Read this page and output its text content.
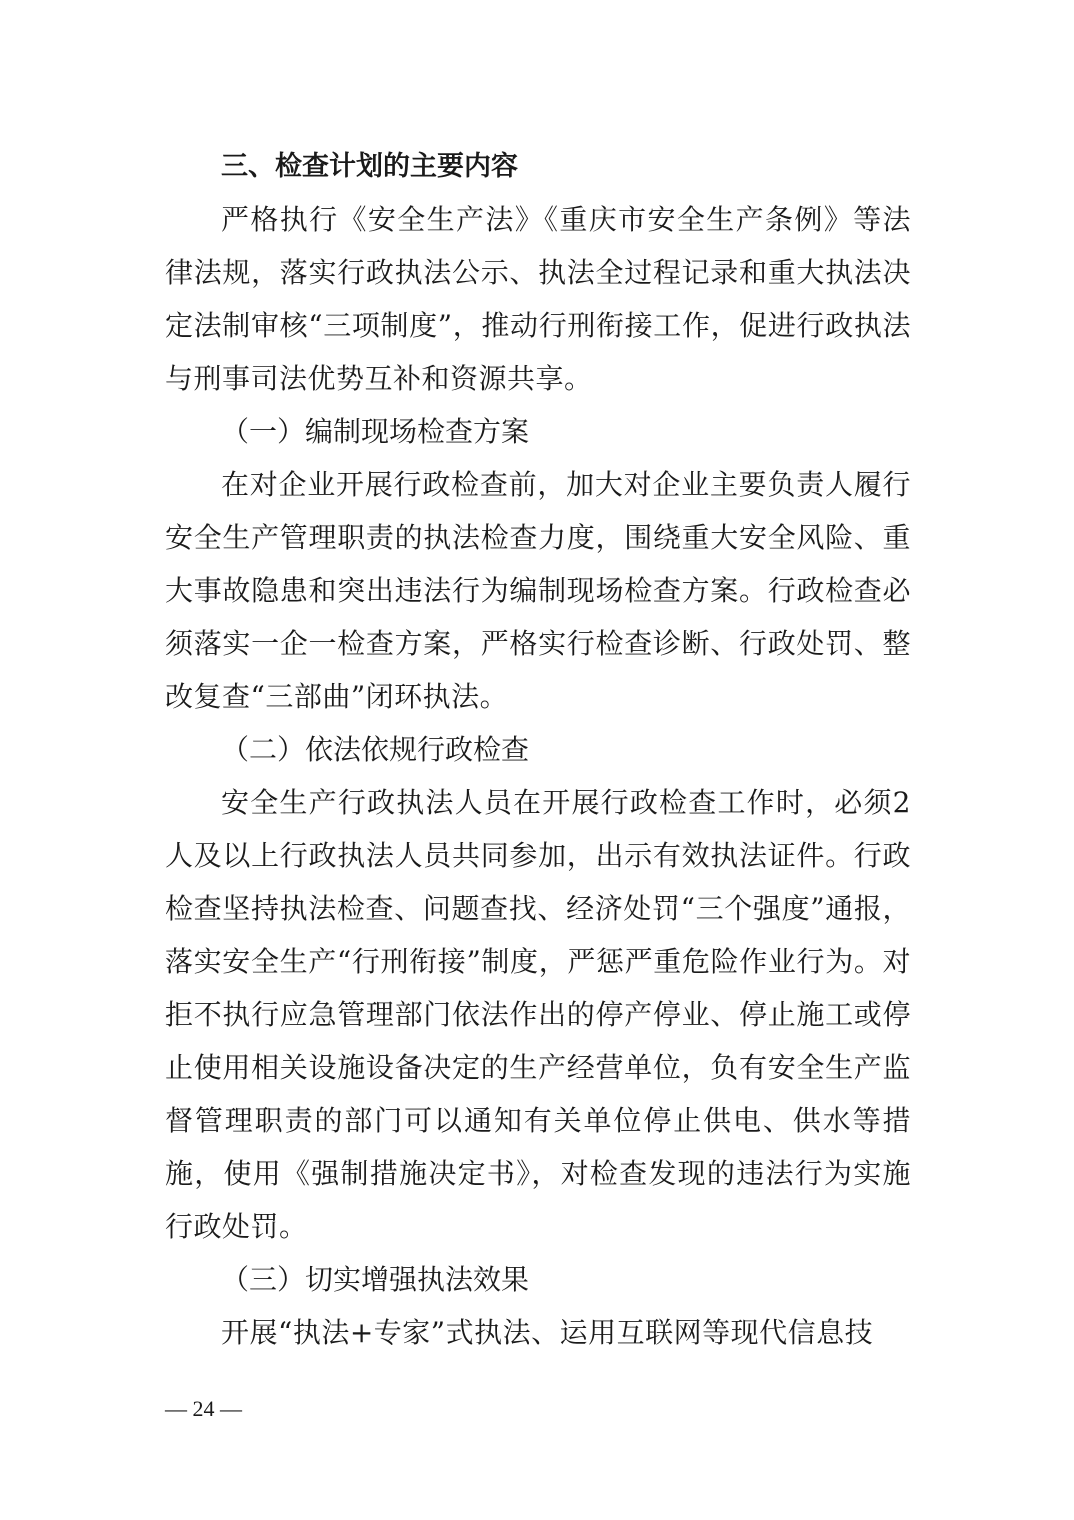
三、检查计划的主要内容

严格执行《安全生产法》《重庆市安全生产条例》等法律法规，落实行政执法公示、执法全过程记录和重大执法决定法制审核“三项制度”，推动行刑衔接工作，促进行政执法与刑事司法优势互补和资源共享。

（一）编制现场检查方案

在对企业开展行政检查前，加大对企业主要负责人履行安全生产管理职责的执法检查力度，围绕重大安全风险、重大事故隐患和突出违法行为编制现场检查方案。行政检查必须落实一企一检查方案，严格实行检查诊断、行政处罚、整改复查“三部曲”闭环执法。

（二）依法依规行政检查

安全生产行政执法人员在开展行政检查工作时，必须2人及以上行政执法人员共同参加，出示有效执法证件。行政检查坚持执法检查、问题查找、经济处罚“三个强度”通报，落实安全生产“行刑衔接”制度，严惩严重危险作业行为。对拒不执行应急管理部门依法作出的停产停业、停止施工或停止使用相关设施设备决定的生产经营单位，负有安全生产监督管理职责的部门可以通知有关单位停止供电、供水等措施，使用《强制措施决定书》，对检查发现的违法行为实施行政处罚。

（三）切实增强执法效果

开展“执法+专家”式执法、运用互联网等现代信息技

— 24 —
